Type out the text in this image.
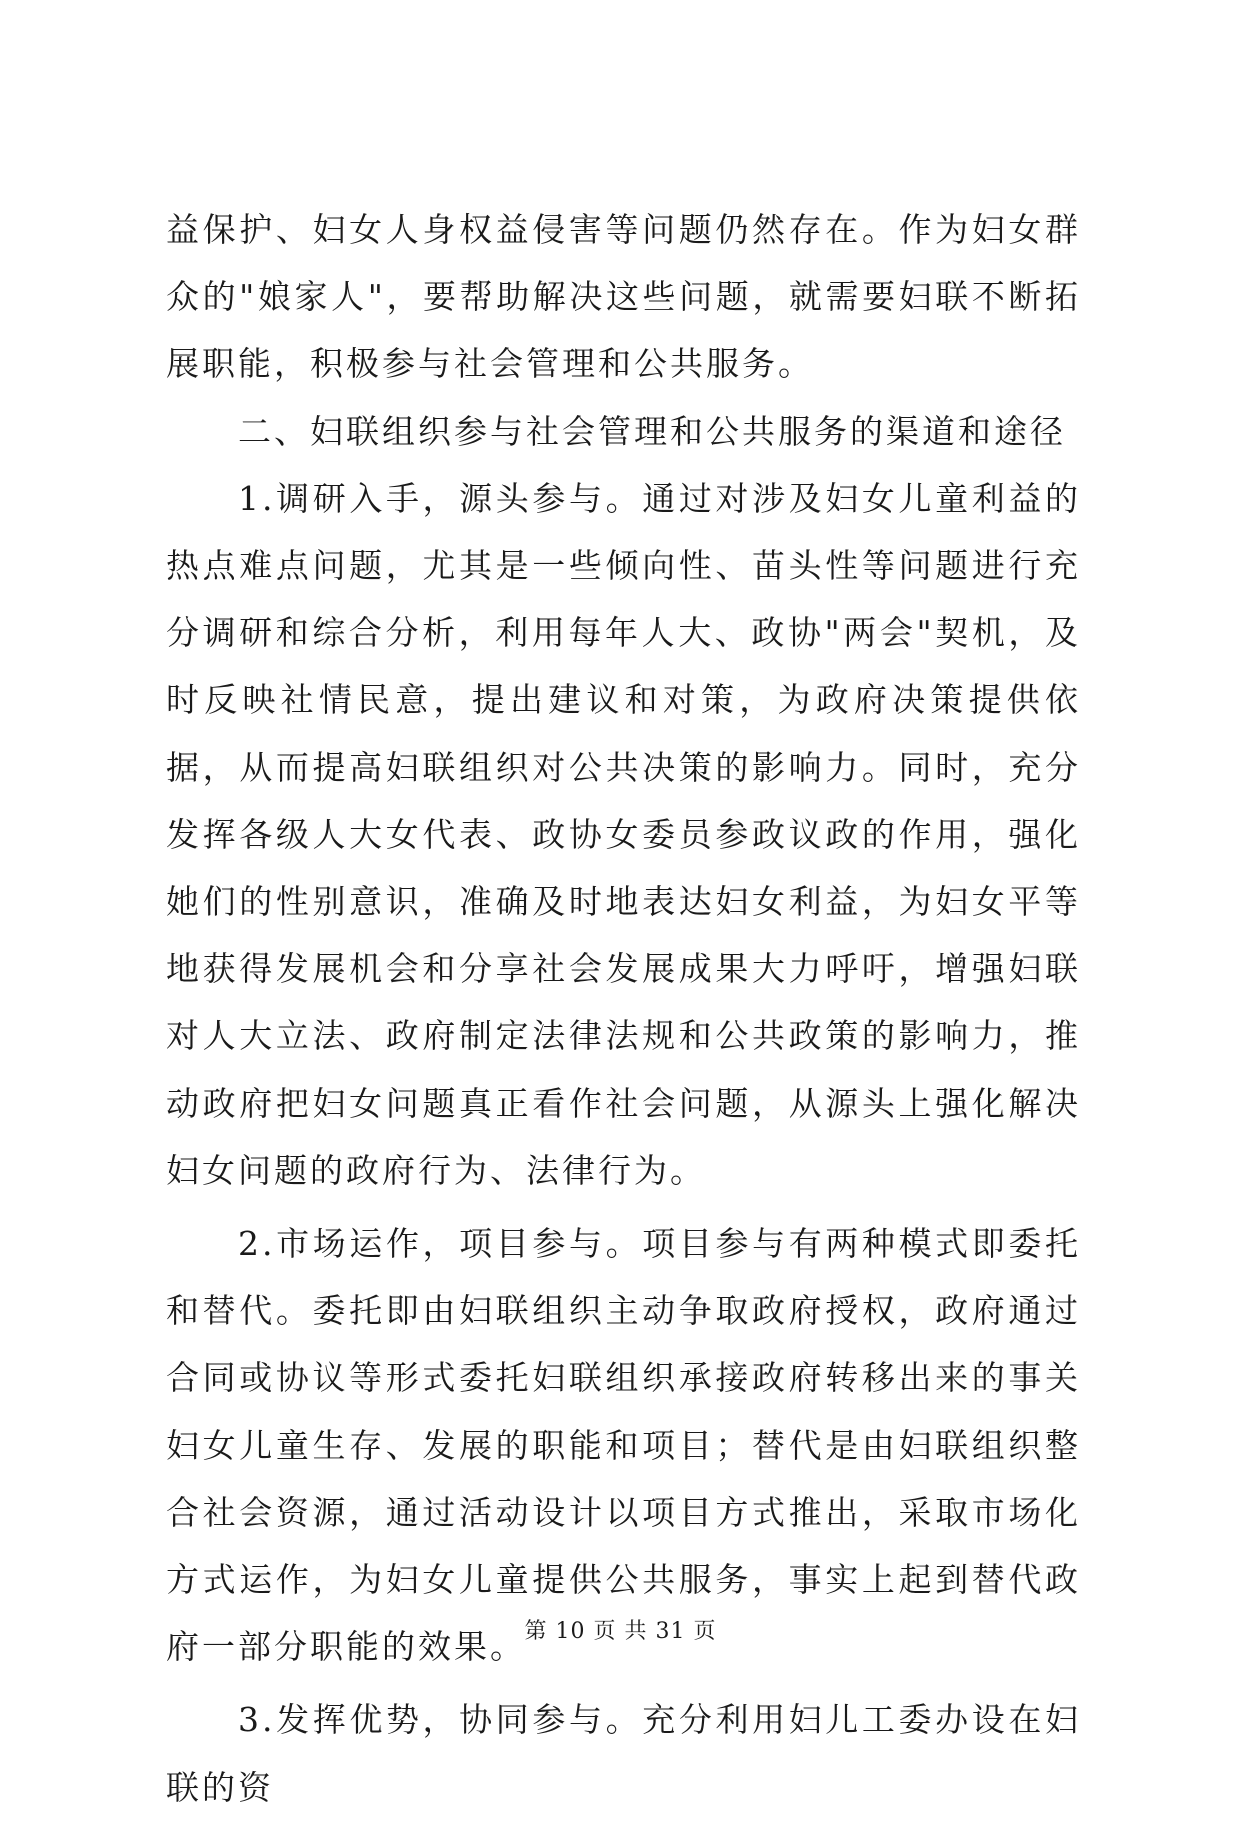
益保护、妇女人身权益侵害等问题仍然存在。作为妇女群众的"娘家人"，要帮助解决这些问题，就需要妇联不断拓展职能，积极参与社会管理和公共服务。

二、妇联组织参与社会管理和公共服务的渠道和途径

1.调研入手，源头参与。通过对涉及妇女儿童利益的热点难点问题，尤其是一些倾向性、苗头性等问题进行充分调研和综合分析，利用每年人大、政协"两会"契机，及时反映社情民意，提出建议和对策，为政府决策提供依据，从而提高妇联组织对公共决策的影响力。同时，充分发挥各级人大女代表、政协女委员参政议政的作用，强化她们的性别意识，准确及时地表达妇女利益，为妇女平等地获得发展机会和分享社会发展成果大力呼吁，增强妇联对人大立法、政府制定法律法规和公共政策的影响力，推动政府把妇女问题真正看作社会问题，从源头上强化解决妇女问题的政府行为、法律行为。

2.市场运作，项目参与。项目参与有两种模式即委托和替代。委托即由妇联组织主动争取政府授权，政府通过合同或协议等形式委托妇联组织承接政府转移出来的事关妇女儿童生存、发展的职能和项目；替代是由妇联组织整合社会资源，通过活动设计以项目方式推出，采取市场化方式运作，为妇女儿童提供公共服务，事实上起到替代政府一部分职能的效果。

3.发挥优势，协同参与。充分利用妇儿工委办设在妇联的资

第 10 页 共 31 页
